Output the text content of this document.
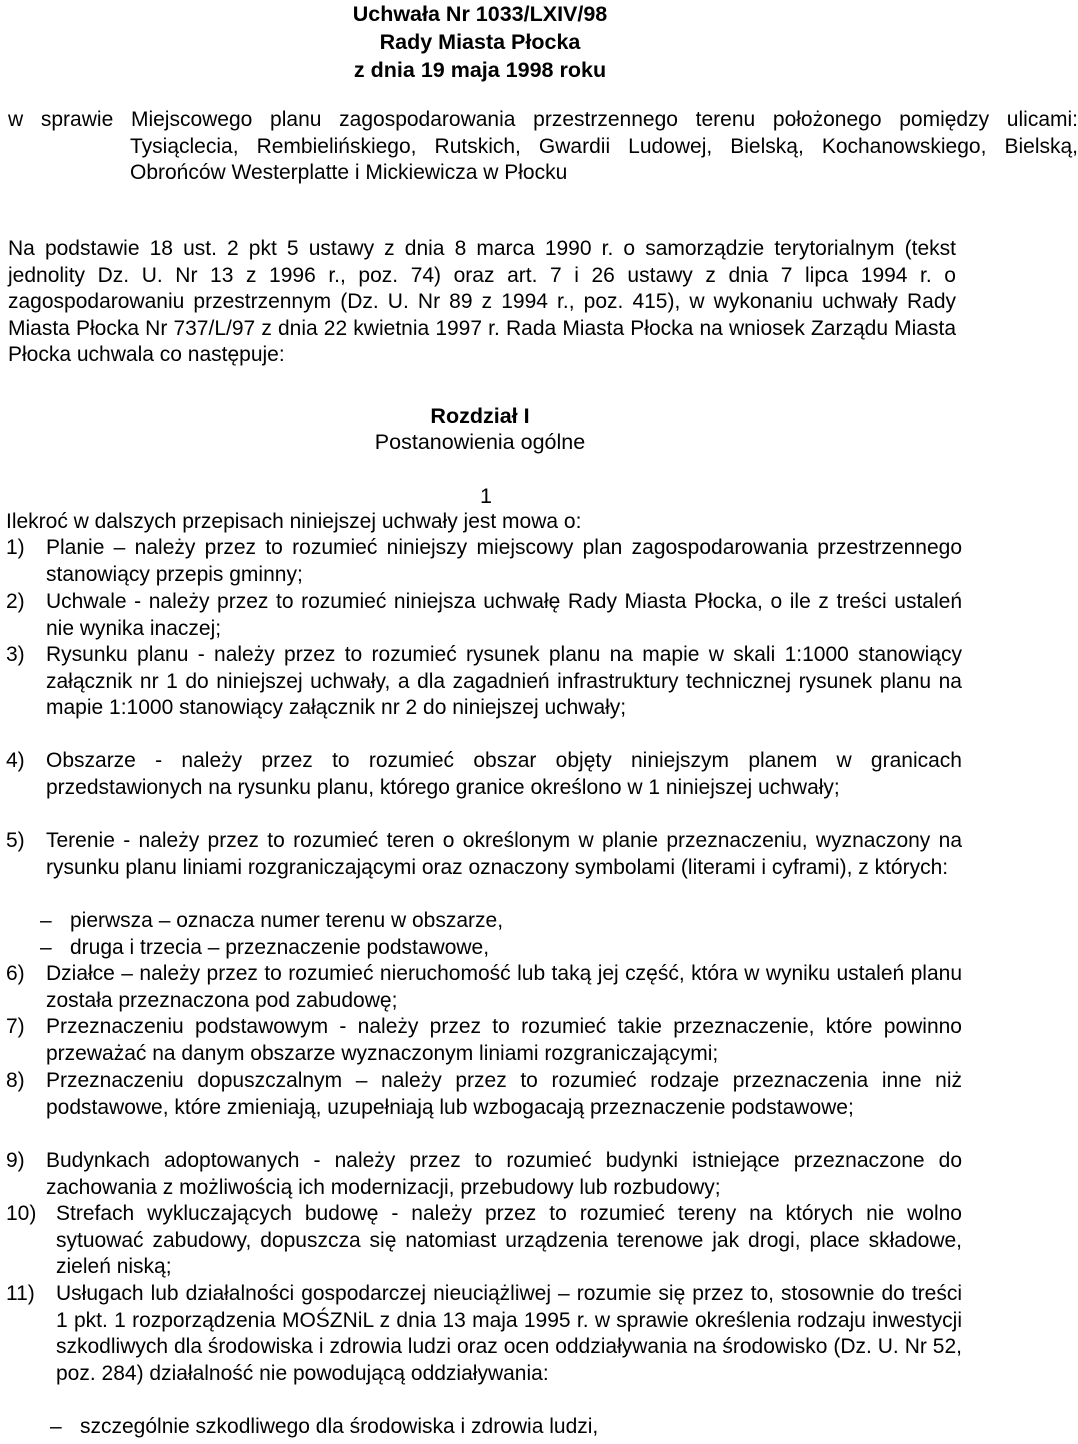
Uchwała Nr 1033/LXIV/98
Rady Miasta Płocka
z dnia 19 maja 1998 roku
w sprawie Miejscowego planu zagospodarowania przestrzennego terenu położonego pomiędzy ulicami: Tysiąclecia, Rembielińskiego, Rutskich, Gwardii Ludowej, Bielską, Kochanowskiego, Bielską, Obrońców Westerplatte i Mickiewicza w Płocku
Na podstawie 18 ust. 2 pkt 5 ustawy z dnia 8 marca 1990 r. o samorządzie terytorialnym (tekst jednolity Dz. U. Nr 13 z 1996 r., poz. 74) oraz art. 7 i 26 ustawy z dnia 7 lipca 1994 r. o zagospodarowaniu przestrzennym (Dz. U. Nr 89 z 1994 r., poz. 415), w wykonaniu uchwały Rady Miasta Płocka Nr 737/L/97 z dnia 22 kwietnia 1997 r. Rada Miasta Płocka na wniosek Zarządu Miasta Płocka uchwala co następuje:
Rozdział I
Postanowienia ogólne
1
Ilekroć w dalszych przepisach niniejszej uchwały jest mowa o:
1) Planie – należy przez to rozumieć niniejszy miejscowy plan zagospodarowania przestrzennego stanowiący przepis gminny;
2) Uchwale - należy przez to rozumieć niniejsza uchwałę Rady Miasta Płocka, o ile z treści ustaleń nie wynika inaczej;
3) Rysunku planu - należy przez to rozumieć rysunek planu na mapie w skali 1:1000 stanowiący załącznik nr 1 do niniejszej uchwały, a dla zagadnień infrastruktury technicznej rysunek planu na mapie 1:1000 stanowiący załącznik nr 2 do niniejszej uchwały;
4) Obszarze - należy przez to rozumieć obszar objęty niniejszym planem w granicach przedstawionych na rysunku planu, którego granice określono w 1 niniejszej uchwały;
5) Terenie - należy przez to rozumieć teren o określonym w planie przeznaczeniu, wyznaczony na rysunku planu liniami rozgraniczającymi oraz oznaczony symbolami (literami i cyframi), z których:
– pierwsza – oznacza numer terenu w obszarze,
– druga i trzecia – przeznaczenie podstawowe,
6) Działce – należy przez to rozumieć nieruchomość lub taką jej część, która w wyniku ustaleń planu została przeznaczona pod zabudowę;
7) Przeznaczeniu podstawowym - należy przez to rozumieć takie przeznaczenie, które powinno przeważać na danym obszarze wyznaczonym liniami rozgraniczającymi;
8) Przeznaczeniu dopuszczalnym – należy przez to rozumieć rodzaje przeznaczenia inne niż podstawowe, które zmieniają, uzupełniają lub wzbogacają przeznaczenie podstawowe;
9) Budynkach adoptowanych - należy przez to rozumieć budynki istniejące przeznaczone do zachowania z możliwością ich modernizacji, przebudowy lub rozbudowy;
10) Strefach wykluczających budowę - należy przez to rozumieć tereny na których nie wolno sytuować zabudowy, dopuszcza się natomiast urządzenia terenowe jak drogi, place składowe, zieleń niską;
11) Usługach lub działalności gospodarczej nieuciążliwej – rozumie się przez to, stosownie do treści 1 pkt. 1 rozporządzenia MOŚZNiL z dnia 13 maja 1995 r. w sprawie określenia rodzaju inwestycji szkodliwych dla środowiska i zdrowia ludzi oraz ocen oddziaływania na środowisko (Dz. U. Nr 52, poz. 284) działalność nie powodującą oddziaływania:
– szczególnie szkodliwego dla środowiska i zdrowia ludzi,
